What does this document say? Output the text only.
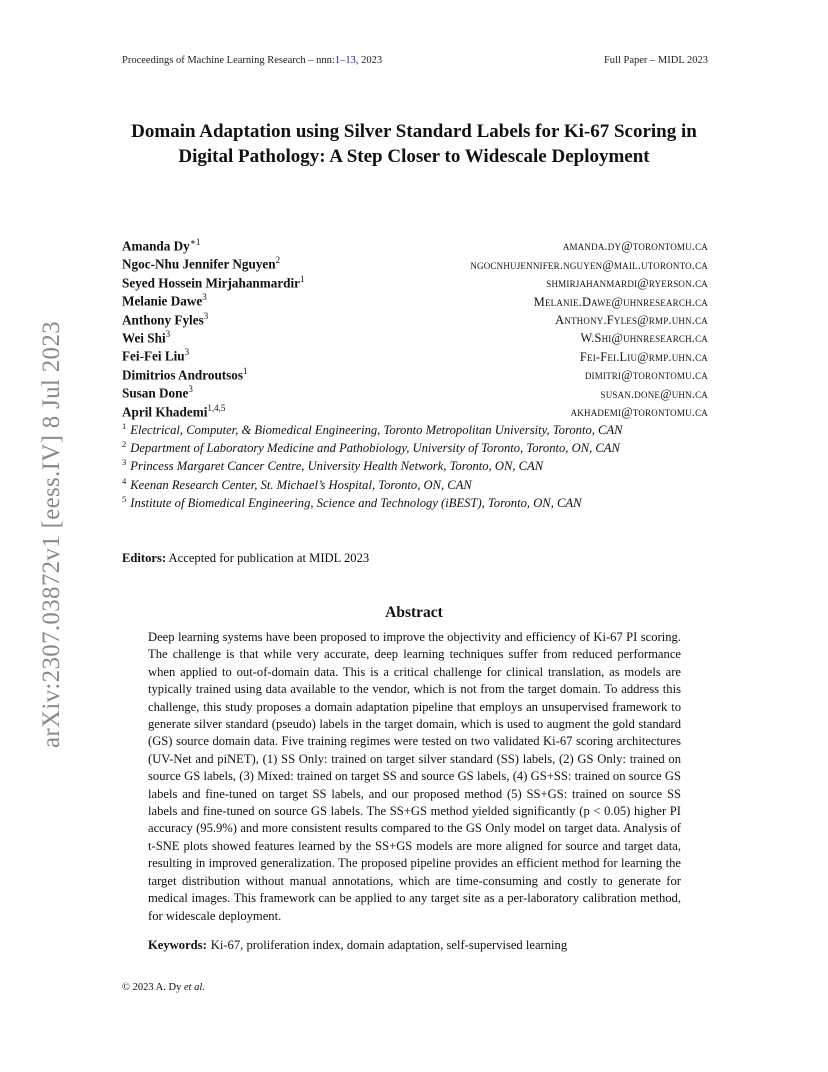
Proceedings of Machine Learning Research – nnn:1–13, 2023	Full Paper – MIDL 2023
arXiv:2307.03872v1 [eess.IV] 8 Jul 2023
Domain Adaptation using Silver Standard Labels for Ki-67 Scoring in Digital Pathology: A Step Closer to Widescale Deployment
Amanda $Dy^{∗1}$	amanda.dy@torontomu.ca
Ngoc-Nhu Jennifer Nguyen$^2$	ngocnhujennifer.nguyen@mail.utoronto.ca
Seyed Hossein Mirjahanmardir$^1$	shmirjahanmardi@ryerson.ca
Melanie Dawe$^3$	Melanie.Dawe@uhnresearch.ca
Anthony Fyles$^3$	Anthony.Fyles@rmp.uhn.ca
Wei Shi$^3$	W.Shi@uhnresearch.ca
Fei-Fei Liu$^3$	Fei-Fei.Liu@rmp.uhn.ca
Dimitrios Androutsos$^1$	dimitri@torontomu.ca
Susan Done$^3$	susan.done@uhn.ca
April Khademi$^{1,4,5}$	akhademi@torontomu.ca
$^1$ Electrical, Computer, & Biomedical Engineering, Toronto Metropolitan University, Toronto, CAN
$^2$ Department of Laboratory Medicine and Pathobiology, University of Toronto, Toronto, ON, CAN
$^3$ Princess Margaret Cancer Centre, University Health Network, Toronto, ON, CAN
$^4$ Keenan Research Center, St. Michael’s Hospital, Toronto, ON, CAN
$^5$ Institute of Biomedical Engineering, Science and Technology (iBEST), Toronto, ON, CAN
Editors: Accepted for publication at MIDL 2023
Abstract
Deep learning systems have been proposed to improve the objectivity and efficiency of Ki-67 PI scoring. The challenge is that while very accurate, deep learning techniques suffer from reduced performance when applied to out-of-domain data. This is a critical challenge for clinical translation, as models are typically trained using data available to the vendor, which is not from the target domain. To address this challenge, this study proposes a domain adaptation pipeline that employs an unsupervised framework to generate silver standard (pseudo) labels in the target domain, which is used to augment the gold standard (GS) source domain data. Five training regimes were tested on two validated Ki-67 scoring architectures (UV-Net and piNET), (1) SS Only: trained on target silver standard (SS) labels, (2) GS Only: trained on source GS labels, (3) Mixed: trained on target SS and source GS labels, (4) GS+SS: trained on source GS labels and fine-tuned on target SS labels, and our proposed method (5) SS+GS: trained on source SS labels and fine-tuned on source GS labels. The SS+GS method yielded significantly (p < 0.05) higher PI accuracy (95.9%) and more consistent results compared to the GS Only model on target data. Analysis of t-SNE plots showed features learned by the SS+GS models are more aligned for source and target data, resulting in improved generalization. The proposed pipeline provides an efficient method for learning the target distribution without manual annotations, which are time-consuming and costly to generate for medical images. This framework can be applied to any target site as a per-laboratory calibration method, for widescale deployment.
Keywords: Ki-67, proliferation index, domain adaptation, self-supervised learning
© 2023 A. Dy et al.
